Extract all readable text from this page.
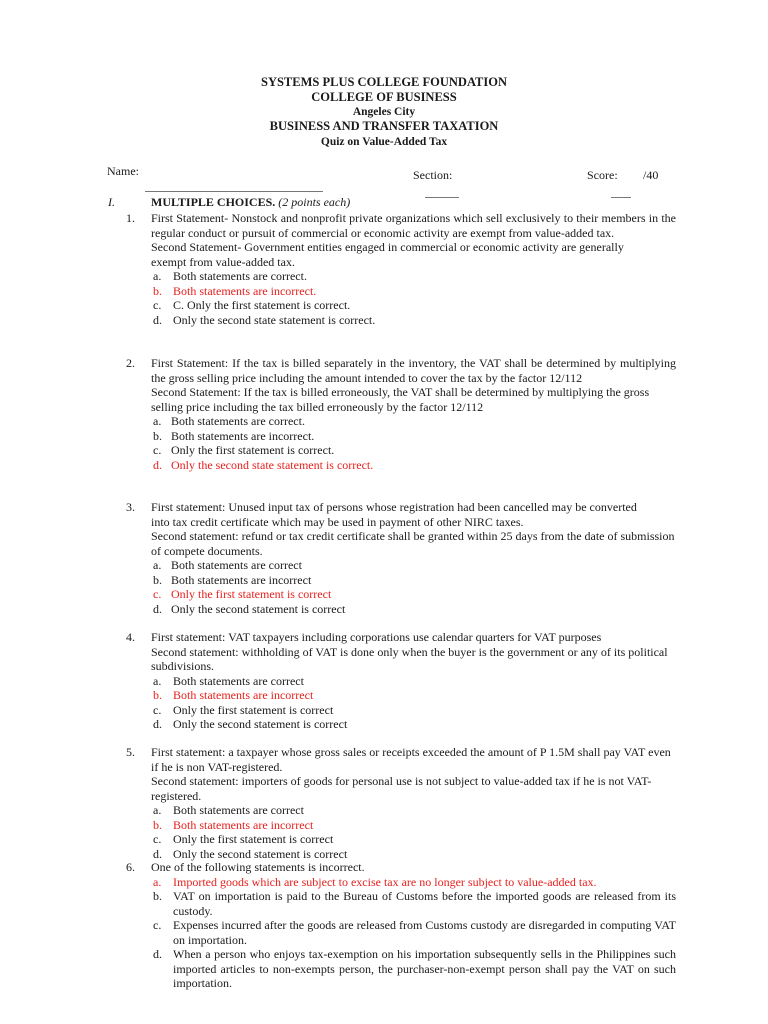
SYSTEMS PLUS COLLEGE FOUNDATION
COLLEGE OF BUSINESS
Angeles City
BUSINESS AND TRANSFER TAXATION
Quiz on Value-Added Tax
Name:	Section:	Score: /40
I.	MULTIPLE CHOICES. (2 points each)
1.	First Statement- Nonstock and nonprofit private organizations which sell exclusively to their members in the regular conduct or pursuit of commercial or economic activity are exempt from value-added tax.

Second Statement- Government entities engaged in commercial or economic activity are generally exempt from value-added tax.

a. Both statements are correct.
b. Both statements are incorrect.
c. C. Only the first statement is correct.
d. Only the second state statement is correct.
2.	First Statement: If the tax is billed separately in the inventory, the VAT shall be determined by multiplying the gross selling price including the amount intended to cover the tax by the factor 12/112

Second Statement: If the tax is billed erroneously, the VAT shall be determined by multiplying the gross selling price including the tax billed erroneously by the factor 12/112

a. Both statements are correct.
b. Both statements are incorrect.
c. Only the first statement is correct.
d. Only the second state statement is correct.
3.	First statement: Unused input tax of persons whose registration had been cancelled may be converted into tax credit certificate which may be used in payment of other NIRC taxes.

Second statement: refund or tax credit certificate shall be granted within 25 days from the date of submission of compete documents.

a. Both statements are correct
b. Both statements are incorrect
c. Only the first statement is correct
d. Only the second statement is correct
4.	First statement: VAT taxpayers including corporations use calendar quarters for VAT purposes

Second statement: withholding of VAT is done only when the buyer is the government or any of its political subdivisions.

a. Both statements are correct
b. Both statements are incorrect
c. Only the first statement is correct
d. Only the second statement is correct
5.	First statement: a taxpayer whose gross sales or receipts exceeded the amount of P 1.5M shall pay VAT even if he is non VAT-registered.

Second statement: importers of goods for personal use is not subject to value-added tax if he is not VAT-registered.

a. Both statements are correct
b. Both statements are incorrect
c. Only the first statement is correct
d. Only the second statement is correct
6.	One of the following statements is incorrect.

a. Imported goods which are subject to excise tax are no longer subject to value-added tax.
b. VAT on importation is paid to the Bureau of Customs before the imported goods are released from its custody.

c. Expenses incurred after the goods are released from Customs custody are disregarded in computing VAT on importation.

d. When a person who enjoys tax-exemption on his importation subsequently sells in the Philippines such imported articles to non-exempts person, the purchaser-non-exempt person shall pay the VAT on such importation.
